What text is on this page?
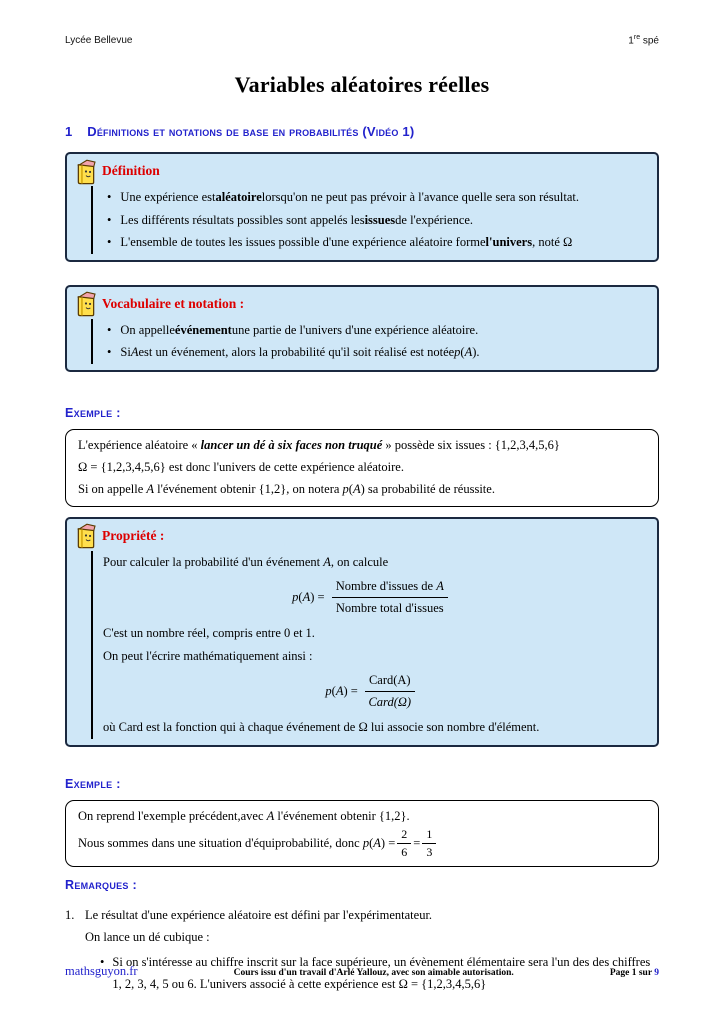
Lycée Bellevue	1re spé
Variables aléatoires réelles
1 Définitions et notations de base en probabilités (Vidéo 1)
Définition
• Une expérience est aléatoire lorsqu'on ne peut pas prévoir à l'avance quelle sera son résultat.
• Les différents résultats possibles sont appelés les issues de l'expérience.
• L'ensemble de toutes les issues possible d'une expérience aléatoire forme l'univers , noté Ω
Vocabulaire et notation :
• On appelle événement une partie de l'univers d'une expérience aléatoire.
• Si A est un événement, alors la probabilité qu'il soit réalisé est notée p ( A ).
Exemple :
L'expérience aléatoire « lancer un dé à six faces non truqué » possède six issues : {1,2,3,4,5,6}
Ω = {1,2,3,4,5,6} est donc l'univers de cette expérience aléatoire.
Si on appelle A l'événement obtenir {1,2}, on notera p(A) sa probabilité de réussite.
Propriété :
Pour calculer la probabilité d'un événement A, on calcule
$p(A) = \frac{\text{Nombre d'issues de A}}{\text{Nombre total d'issues}}$
C'est un nombre réel, compris entre 0 et 1.
On peut l'écrire mathématiquement ainsi :
$p(A) = \frac{\text{Card(A)}}{\text{Card(Ω)}}$
où Card est la fonction qui à chaque événement de Ω lui associe son nombre d'élément.
Exemple :
On reprend l'exemple précédent,avec A l'événement obtenir {1,2}.
Nous sommes dans une situation d'équiprobabilité, donc $p(A) = \frac{2}{6} = \frac{1}{3}$
Remarques :
1. Le résultat d'une expérience aléatoire est défini par l'expérimentateur.
On lance un dé cubique :
• Si on s'intéresse au chiffre inscrit sur la face supérieure, un évènement élémentaire sera l'un des des chiffres 1, 2, 3, 4, 5 ou 6. L'univers associé à cette expérience est Ω = {1,2,3,4,5,6}
mathsguyon.fr	Cours issu d'un travail d'Arlé Yallouz, avec son aimable autorisation.	Page 1 sur 9
